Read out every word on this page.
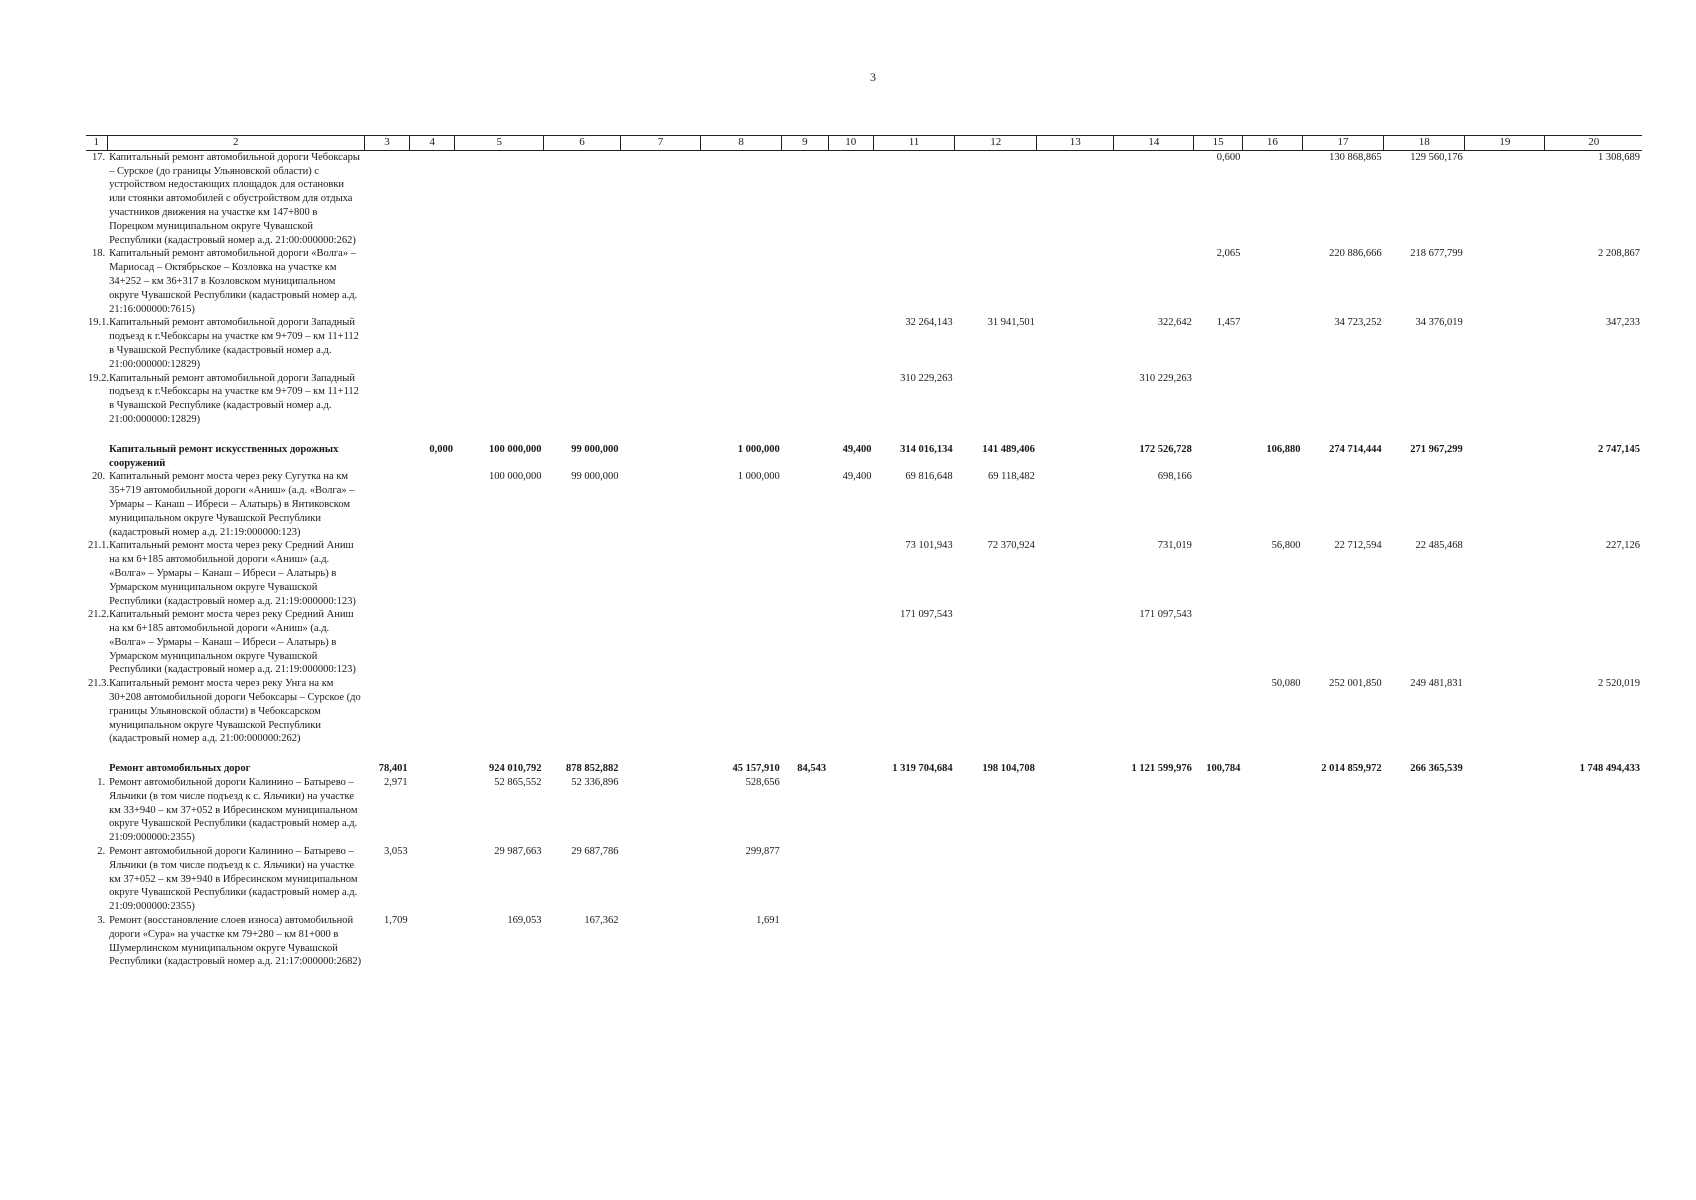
3
1	2	3	4	5	6	7	8	9	10	11	12	13	14	15	16	17	18	19	20
17.	Капитальный ремонт автомобильной дороги Чебоксары – Сурское (до границы Ульяновской области) с устройством недостающих площадок для остановки или стоянки автомобилей с обустройством для отдыха участников движения на участке км 147+800 в Порецком муниципальном округе Чувашской Республики (кадастровый номер а.д. 21:00:000000:262)													0,600		130 868,865	129 560,176		1 308,689
18.	Капитальный ремонт автомобильной дороги «Волга» – Мариосад – Октябрьское – Козловка на участке км 34+252 – км 36+317 в Козловском муниципальном округе Чувашской Республики (кадастровый номер а.д. 21:16:000000:7615)													2,065		220 886,666	218 677,799		2 208,867
19.1.	Капитальный ремонт автомобильной дороги Западный подъезд к г.Чебоксары на участке км 9+709 – км 11+112 в Чувашской Республике (кадастровый номер а.д. 21:00:000000:12829)									32 264,143	31 941,501		322,642	1,457		34 723,252	34 376,019		347,233
19.2.	Капитальный ремонт автомобильной дороги Западный подъезд к г.Чебоксары на участке км 9+709 – км 11+112 в Чувашской Республике (кадастровый номер а.д. 21:00:000000:12829)									310 229,263			310 229,263						

	Капитальный ремонт искусственных дорожных сооружений		0,000	100 000,000	99 000,000		1 000,000		49,400	314 016,134	141 489,406		172 526,728		106,880	274 714,444	271 967,299		2 747,145
20.	Капитальный ремонт моста через реку Сугутка на км 35+719 автомобильной дороги «Аниш» (а.д. «Волга» – Урмары – Канаш – Ибреси – Алатырь) в Янтиковском муниципальном округе Чувашской Республики (кадастровый номер а.д. 21:19:000000:123)			100 000,000	99 000,000		1 000,000		49,400	69 816,648	69 118,482		698,166						
21.1.	Капитальный ремонт моста через реку Средний Аниш на км 6+185 автомобильной дороги «Аниш» (а.д. «Волга» – Урмары – Канаш – Ибреси – Алатырь) в Урмарском муниципальном округе Чувашской Республики (кадастровый номер а.д. 21:19:000000:123)									73 101,943	72 370,924		731,019		56,800	22 712,594	22 485,468		227,126
21.2.	Капитальный ремонт моста через реку Средний Аниш на км 6+185 автомобильной дороги «Аниш» (а.д. «Волга» – Урмары – Канаш – Ибреси – Алатырь) в Урмарском муниципальном округе Чувашской Республики (кадастровый номер а.д. 21:19:000000:123)									171 097,543			171 097,543						
21.3.	Капитальный ремонт моста через реку Унга на км 30+208 автомобильной дороги Чебоксары – Сурское (до границы Ульяновской области) в Чебоксарском муниципальном округе Чувашской Республики (кадастровый номер а.д. 21:00:000000:262)														50,080	252 001,850	249 481,831		2 520,019

	Ремонт автомобильных дорог	78,401		924 010,792	878 852,882		45 157,910	84,543		1 319 704,684	198 104,708		1 121 599,976	100,784		2 014 859,972	266 365,539		1 748 494,433
1.	Ремонт автомобильной дороги Калинино – Батырево – Яльчики (в том числе подъезд к с. Яльчики) на участке км 33+940 – км 37+052 в Ибресинском муниципальном округе Чувашской Республики (кадастровый номер а.д. 21:09:000000:2355)	2,971		52 865,552	52 336,896		528,656												
2.	Ремонт автомобильной дороги Калинино – Батырево – Яльчики (в том числе подъезд к с. Яльчики) на участке км 37+052 – км 39+940 в Ибресинском муниципальном округе Чувашской Республики (кадастровый номер а.д. 21:09:000000:2355)	3,053		29 987,663	29 687,786		299,877												
3.	Ремонт (восстановление слоев износа) автомобильной дороги «Сура» на участке км 79+280 – км 81+000 в Шумерлинском муниципальном округе Чувашской Республики (кадастровый номер а.д. 21:17:000000:2682)	1,709		169,053	167,362		1,691												
